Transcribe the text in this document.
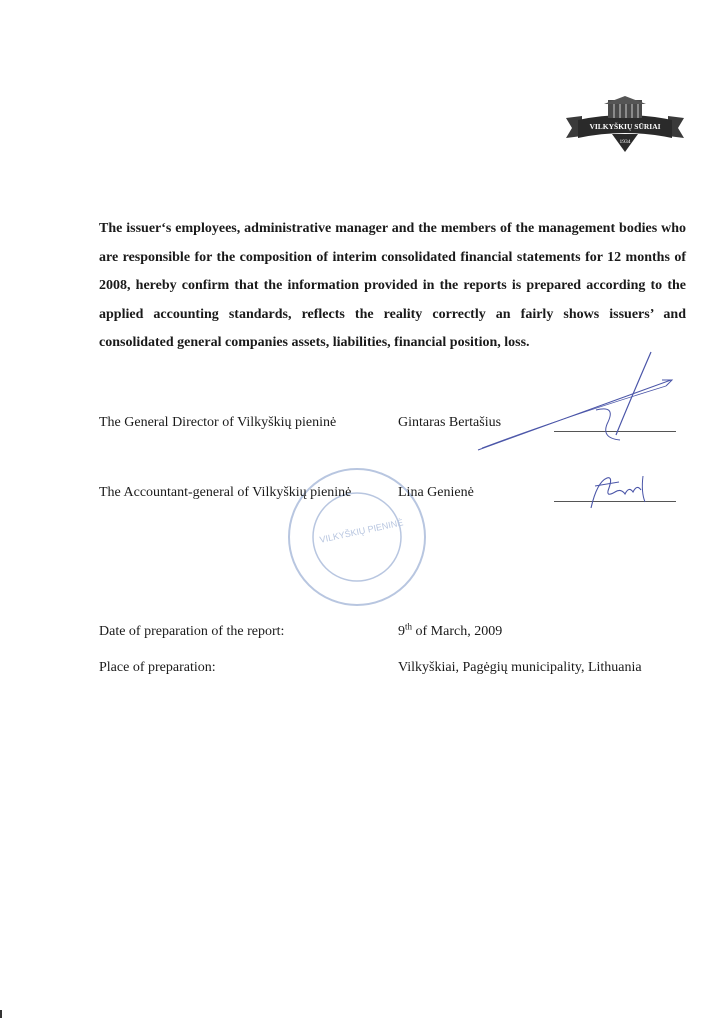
VILKYŠKIŲ SŪRIAI
1934

The issuer‘s employees, administrative manager and the members of the management bodies who are responsible for the composition of interim consolidated financial statements for 12 months of 2008, hereby confirm that the information provided in the reports is prepared according to the applied accounting standards, reflects the reality correctly an fairly shows issuers’ and consolidated general companies assets, liabilities, financial position, loss.

VILKYŠKIŲ PIENINĖ
The General Director of Vilkyškių pieninė	Gintaras Bertašius
The Accountant-general of Vilkyškių pieninė	Lina Genienė
Date of preparation of the report:	9th of March, 2009
Place of preparation:	Vilkyškiai, Pagėgių municipality, Lithuania
